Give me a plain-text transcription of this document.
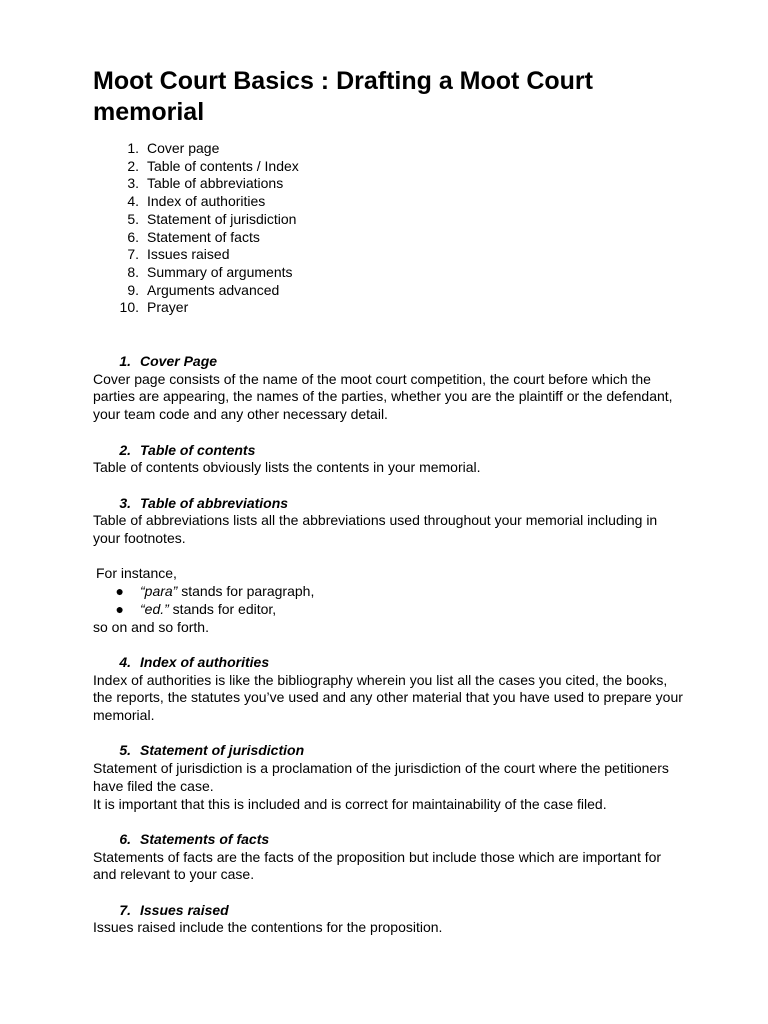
Moot Court Basics : Drafting a Moot Court memorial
1. Cover page
2. Table of contents / Index
3. Table of abbreviations
4. Index of authorities
5. Statement of jurisdiction
6. Statement of facts
7. Issues raised
8. Summary of arguments
9. Arguments advanced
10. Prayer
1. Cover Page

Cover page consists of the name of the moot court competition, the court before which the parties are appearing, the names of the parties, whether you are the plaintiff or the defendant, your team code and any other necessary detail.

2. Table of contents

Table of contents obviously lists the contents in your memorial.

3. Table of abbreviations

Table of abbreviations lists all the abbreviations used throughout your memorial including in your footnotes.

For instance,

●	“para” stands for paragraph,
●	“ed.” stands for editor,

so on and so forth.

4. Index of authorities

Index of authorities is like the bibliography wherein you list all the cases you cited, the books, the reports, the statutes you’ve used and any other material that you have used to prepare your memorial.

5. Statement of jurisdiction

Statement of jurisdiction is a proclamation of the jurisdiction of the court where the petitioners have filed the case.

It is important that this is included and is correct for maintainability of the case filed.

6. Statements of facts

Statements of facts are the facts of the proposition but include those which are important for and relevant to your case.

7. Issues raised

Issues raised include the contentions for the proposition.
